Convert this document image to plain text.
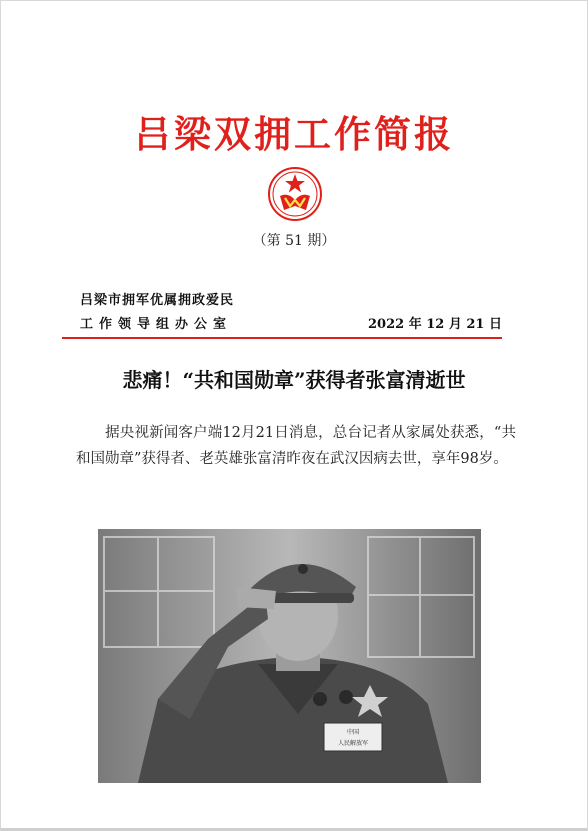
吕梁双拥工作简报
（第 51 期）
吕梁市拥军优属拥政爱民
工作领导组办公室	2022 年 12 月 21 日
悲痛！“共和国勋章”获得者张富清逝世
据央视新闻客户端12月21日消息，总台记者从家属处获悉，“共和国勋章”获得者、老英雄张富清昨夜在武汉因病去世，享年98岁。
中国
人民解放军
